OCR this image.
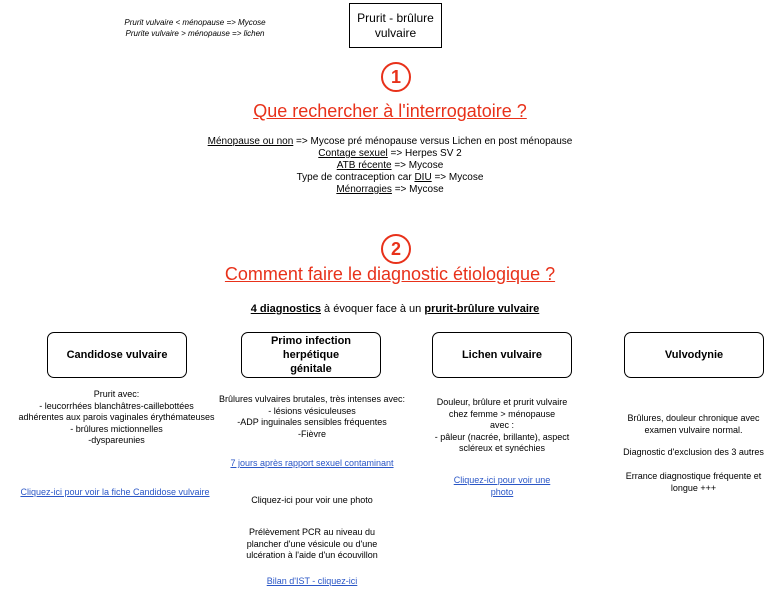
Prurit vulvaire < ménopause => Mycose
Prurite vulvaire > ménopause => lichen
Prurit - brûlure
vulvaire
1
Que rechercher à l'interrogatoire ?
Ménopause ou non => Mycose pré ménopause versus Lichen en post ménopause
Contage sexuel => Herpes SV 2
ATB récente => Mycose
Type de contraception car DIU => Mycose
Ménorragies => Mycose
2
Comment faire le diagnostic étiologique ?
4 diagnostics à évoquer face à un prurit-brûlure vulvaire
Candidose vulvaire
Prurit avec:
- leucorrhées blanchâtres-caillebottées
adhérentes aux parois vaginales érythémateuses
- brûlures mictionnelles
-dyspareunies
Cliquez-ici pour voir la fiche Candidose vulvaire
Primo infection herpétique
génitale
Brûlures vulvaires brutales, très intenses avec:
- lésions vésiculeuses
-ADP inguinales sensibles fréquentes
-Fièvre
7 jours après rapport sexuel contaminant
Cliquez-ici pour voir une photo
Prélèvement PCR au niveau du
plancher d'une vésicule ou d'une
ulcération à l'aide d'un écouvillon
Bilan d'IST - cliquez-ici
Lichen vulvaire
Douleur, brûlure et prurit vulvaire
chez femme > ménopause
avec :
- pâleur (nacrée, brillante), aspect
scléreux et synéchies
Cliquez-ici pour voir une
photo
Vulvodynie
Brûlures, douleur chronique avec
examen vulvaire normal.
Diagnostic d'exclusion des 3 autres
Errance diagnostique fréquente et
longue +++
